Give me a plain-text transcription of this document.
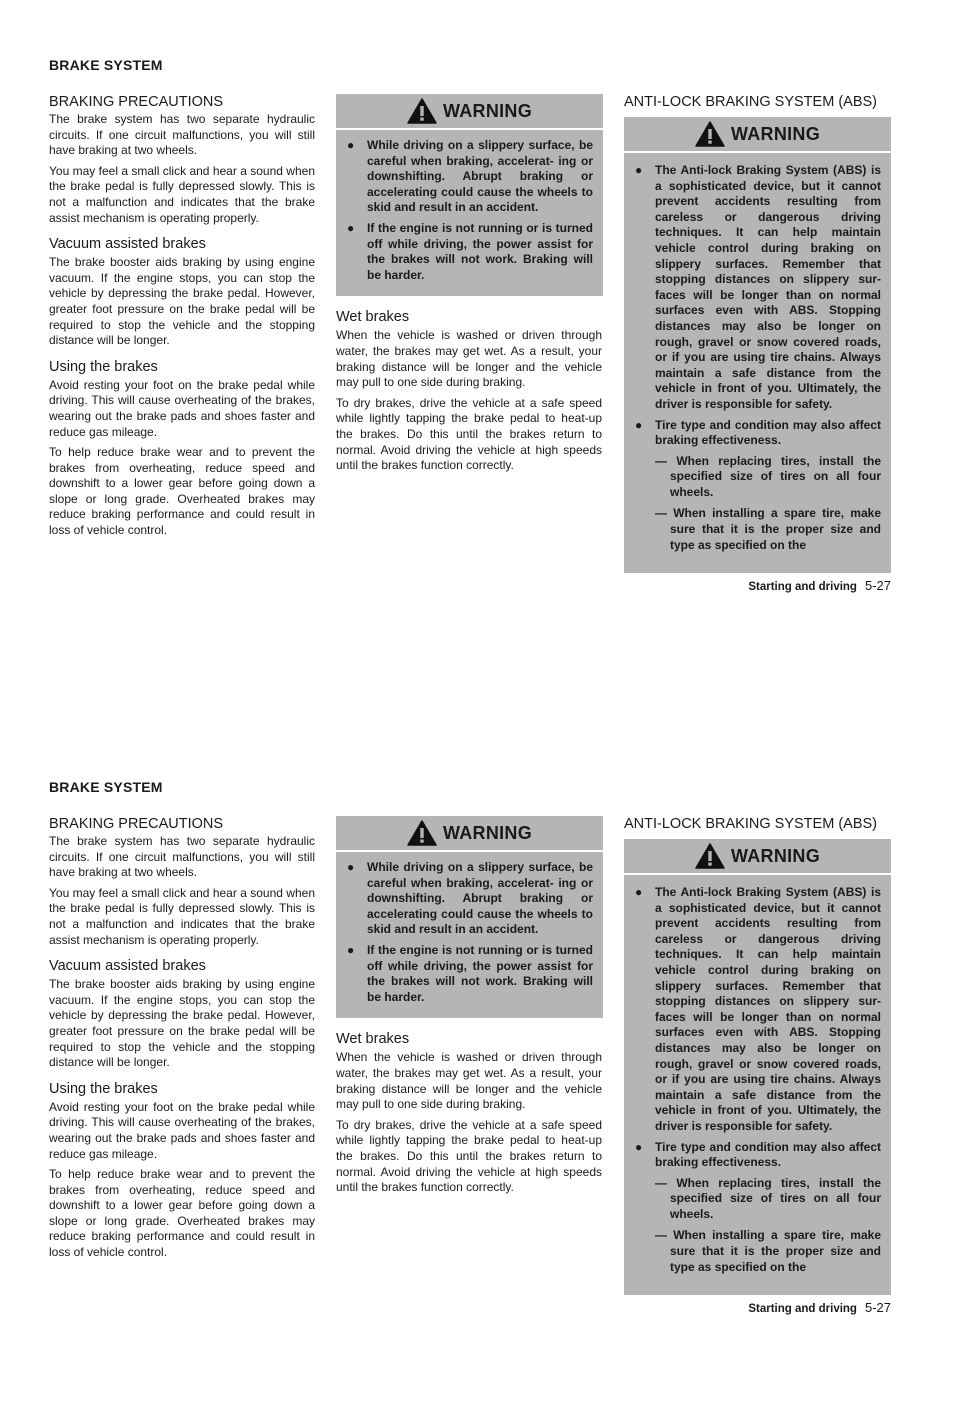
BRAKE SYSTEM
BRAKING PRECAUTIONS

The brake system has two separate hydraulic circuits. If one circuit malfunctions, you will still have braking at two wheels.

You may feel a small click and hear a sound when the brake pedal is fully depressed slowly. This is not a malfunction and indicates that the brake assist mechanism is operating properly.

Vacuum assisted brakes

The brake booster aids braking by using engine vacuum. If the engine stops, you can stop the vehicle by depressing the brake pedal. However, greater foot pressure on the brake pedal will be required to stop the vehicle and the stopping distance will be longer.

Using the brakes

Avoid resting your foot on the brake pedal while driving. This will cause overheating of the brakes, wearing out the brake pads and shoes faster and reduce gas mileage.

To help reduce brake wear and to prevent the brakes from overheating, reduce speed and downshift to a lower gear before going down a slope or long grade. Overheated brakes may reduce braking performance and could result in loss of vehicle control.

WARNING
● While driving on a slippery surface, be careful when braking, accelerat- ing or downshifting. Abrupt braking or accelerating could cause the wheels to skid and result in an accident.
● If the engine is not running or is turned off while driving, the power assist for the brakes will not work. Braking will be harder.
Wet brakes

When the vehicle is washed or driven through water, the brakes may get wet. As a result, your braking distance will be longer and the vehicle may pull to one side during braking.

To dry brakes, drive the vehicle at a safe speed while lightly tapping the brake pedal to heat-up the brakes. Do this until the brakes return to normal. Avoid driving the vehicle at high speeds until the brakes function correctly.

ANTI-LOCK BRAKING SYSTEM (ABS)
WARNING
● The Anti-lock Braking System (ABS) is a sophisticated device, but it cannot prevent accidents resulting from careless or dangerous driving techniques. It can help maintain vehicle control during braking on slippery surfaces. Remember that stopping distances on slippery sur- faces will be longer than on normal surfaces even with ABS. Stopping distances may also be longer on rough, gravel or snow covered roads, or if you are using tire chains. Always maintain a safe distance from the vehicle in front of you. Ultimately, the driver is responsible for safety.
● Tire type and condition may also affect braking effectiveness.
— When replacing tires, install the specified size of tires on all four wheels.
— When installing a spare tire, make sure that it is the proper size and type as specified on the
Starting and driving 5-27
BRAKE SYSTEM
BRAKING PRECAUTIONS

The brake system has two separate hydraulic circuits. If one circuit malfunctions, you will still have braking at two wheels.

You may feel a small click and hear a sound when the brake pedal is fully depressed slowly. This is not a malfunction and indicates that the brake assist mechanism is operating properly.

Vacuum assisted brakes

The brake booster aids braking by using engine vacuum. If the engine stops, you can stop the vehicle by depressing the brake pedal. However, greater foot pressure on the brake pedal will be required to stop the vehicle and the stopping distance will be longer.

Using the brakes

Avoid resting your foot on the brake pedal while driving. This will cause overheating of the brakes, wearing out the brake pads and shoes faster and reduce gas mileage.

To help reduce brake wear and to prevent the brakes from overheating, reduce speed and downshift to a lower gear before going down a slope or long grade. Overheated brakes may reduce braking performance and could result in loss of vehicle control.

WARNING
● While driving on a slippery surface, be careful when braking, accelerat- ing or downshifting. Abrupt braking or accelerating could cause the wheels to skid and result in an accident.
● If the engine is not running or is turned off while driving, the power assist for the brakes will not work. Braking will be harder.
Wet brakes

When the vehicle is washed or driven through water, the brakes may get wet. As a result, your braking distance will be longer and the vehicle may pull to one side during braking.

To dry brakes, drive the vehicle at a safe speed while lightly tapping the brake pedal to heat-up the brakes. Do this until the brakes return to normal. Avoid driving the vehicle at high speeds until the brakes function correctly.

ANTI-LOCK BRAKING SYSTEM (ABS)
WARNING
● The Anti-lock Braking System (ABS) is a sophisticated device, but it cannot prevent accidents resulting from careless or dangerous driving techniques. It can help maintain vehicle control during braking on slippery surfaces. Remember that stopping distances on slippery sur- faces will be longer than on normal surfaces even with ABS. Stopping distances may also be longer on rough, gravel or snow covered roads, or if you are using tire chains. Always maintain a safe distance from the vehicle in front of you. Ultimately, the driver is responsible for safety.
● Tire type and condition may also affect braking effectiveness.
— When replacing tires, install the specified size of tires on all four wheels.
— When installing a spare tire, make sure that it is the proper size and type as specified on the
Starting and driving 5-27
